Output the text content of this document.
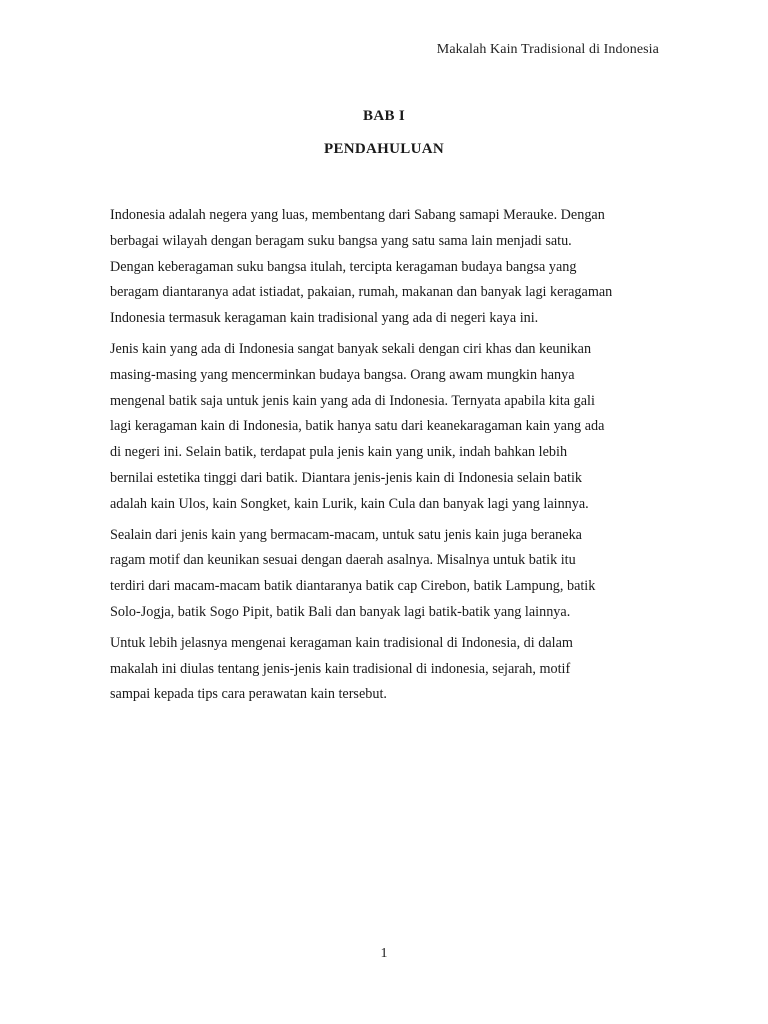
Makalah Kain Tradisional di Indonesia
BAB I
PENDAHULUAN

Indonesia adalah negera yang luas, membentang dari Sabang samapi Merauke. Dengan
berbagai wilayah dengan beragam suku bangsa yang satu sama lain menjadi satu.
Dengan keberagaman suku bangsa itulah, tercipta keragaman budaya bangsa yang
beragam diantaranya adat istiadat, pakaian, rumah, makanan dan banyak lagi keragaman
Indonesia termasuk keragaman kain tradisional yang ada di negeri kaya ini.

Jenis kain yang ada di Indonesia sangat banyak sekali dengan ciri khas dan keunikan
masing-masing yang mencerminkan budaya bangsa. Orang awam mungkin hanya
mengenal batik saja untuk jenis kain yang ada di Indonesia. Ternyata apabila kita gali
lagi keragaman kain di Indonesia, batik hanya satu dari keanekaragaman kain yang ada
di negeri ini. Selain batik, terdapat pula jenis kain yang unik, indah bahkan lebih
bernilai estetika tinggi dari batik. Diantara jenis-jenis kain di Indonesia selain batik
adalah kain Ulos, kain Songket, kain Lurik, kain Cula dan banyak lagi yang lainnya.

Sealain dari jenis kain yang bermacam-macam, untuk satu jenis kain juga beraneka
ragam motif dan keunikan sesuai dengan daerah asalnya. Misalnya untuk batik itu
terdiri dari macam-macam batik diantaranya batik cap Cirebon, batik Lampung, batik
Solo-Jogja, batik Sogo Pipit, batik Bali dan banyak lagi batik-batik yang lainnya.

Untuk lebih jelasnya mengenai keragaman kain tradisional di Indonesia, di dalam
makalah ini diulas tentang jenis-jenis kain tradisional di indonesia, sejarah, motif
sampai kepada tips cara perawatan kain tersebut.

1
